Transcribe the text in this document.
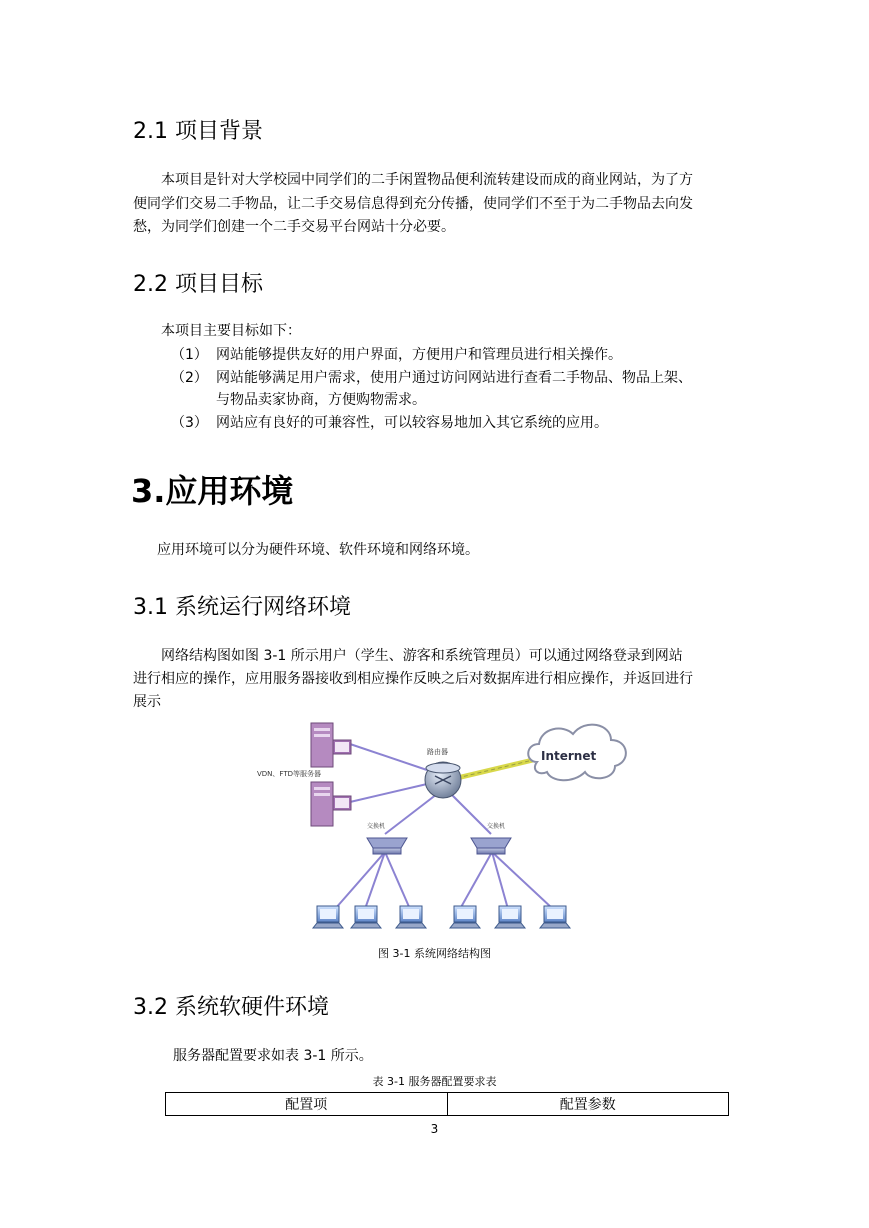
2.1 项目背景
本项目是针对大学校园中同学们的二手闲置物品便利流转建设而成的商业网站，为了方
便同学们交易二手物品，让二手交易信息得到充分传播，使同学们不至于为二手物品去向发
愁，为同学们创建一个二手交易平台网站十分必要。
2.2 项目目标
本项目主要目标如下：
（1） 网站能够提供友好的用户界面，方便用户和管理员进行相关操作。
（2） 网站能够满足用户需求，使用户通过访问网站进行查看二手物品、物品上架、
与物品卖家协商，方便购物需求。
（3） 网站应有良好的可兼容性，可以较容易地加入其它系统的应用。
3.应用环境
应用环境可以分为硬件环境、软件环境和网络环境。
3.1 系统运行网络环境
网络结构图如图 3-1 所示用户（学生、游客和系统管理员）可以通过网络登录到网站
进行相应的操作，应用服务器接收到相应操作反映之后对数据库进行相应操作，并返回进行
展示
VDN、FTD等服务器
路由器	Internet
交换机	交换机
图 3-1 系统网络结构图
3.2 系统软硬件环境
服务器配置要求如表 3-1 所示。
表 3-1 服务器配置要求表
配置项	配置参数
3
